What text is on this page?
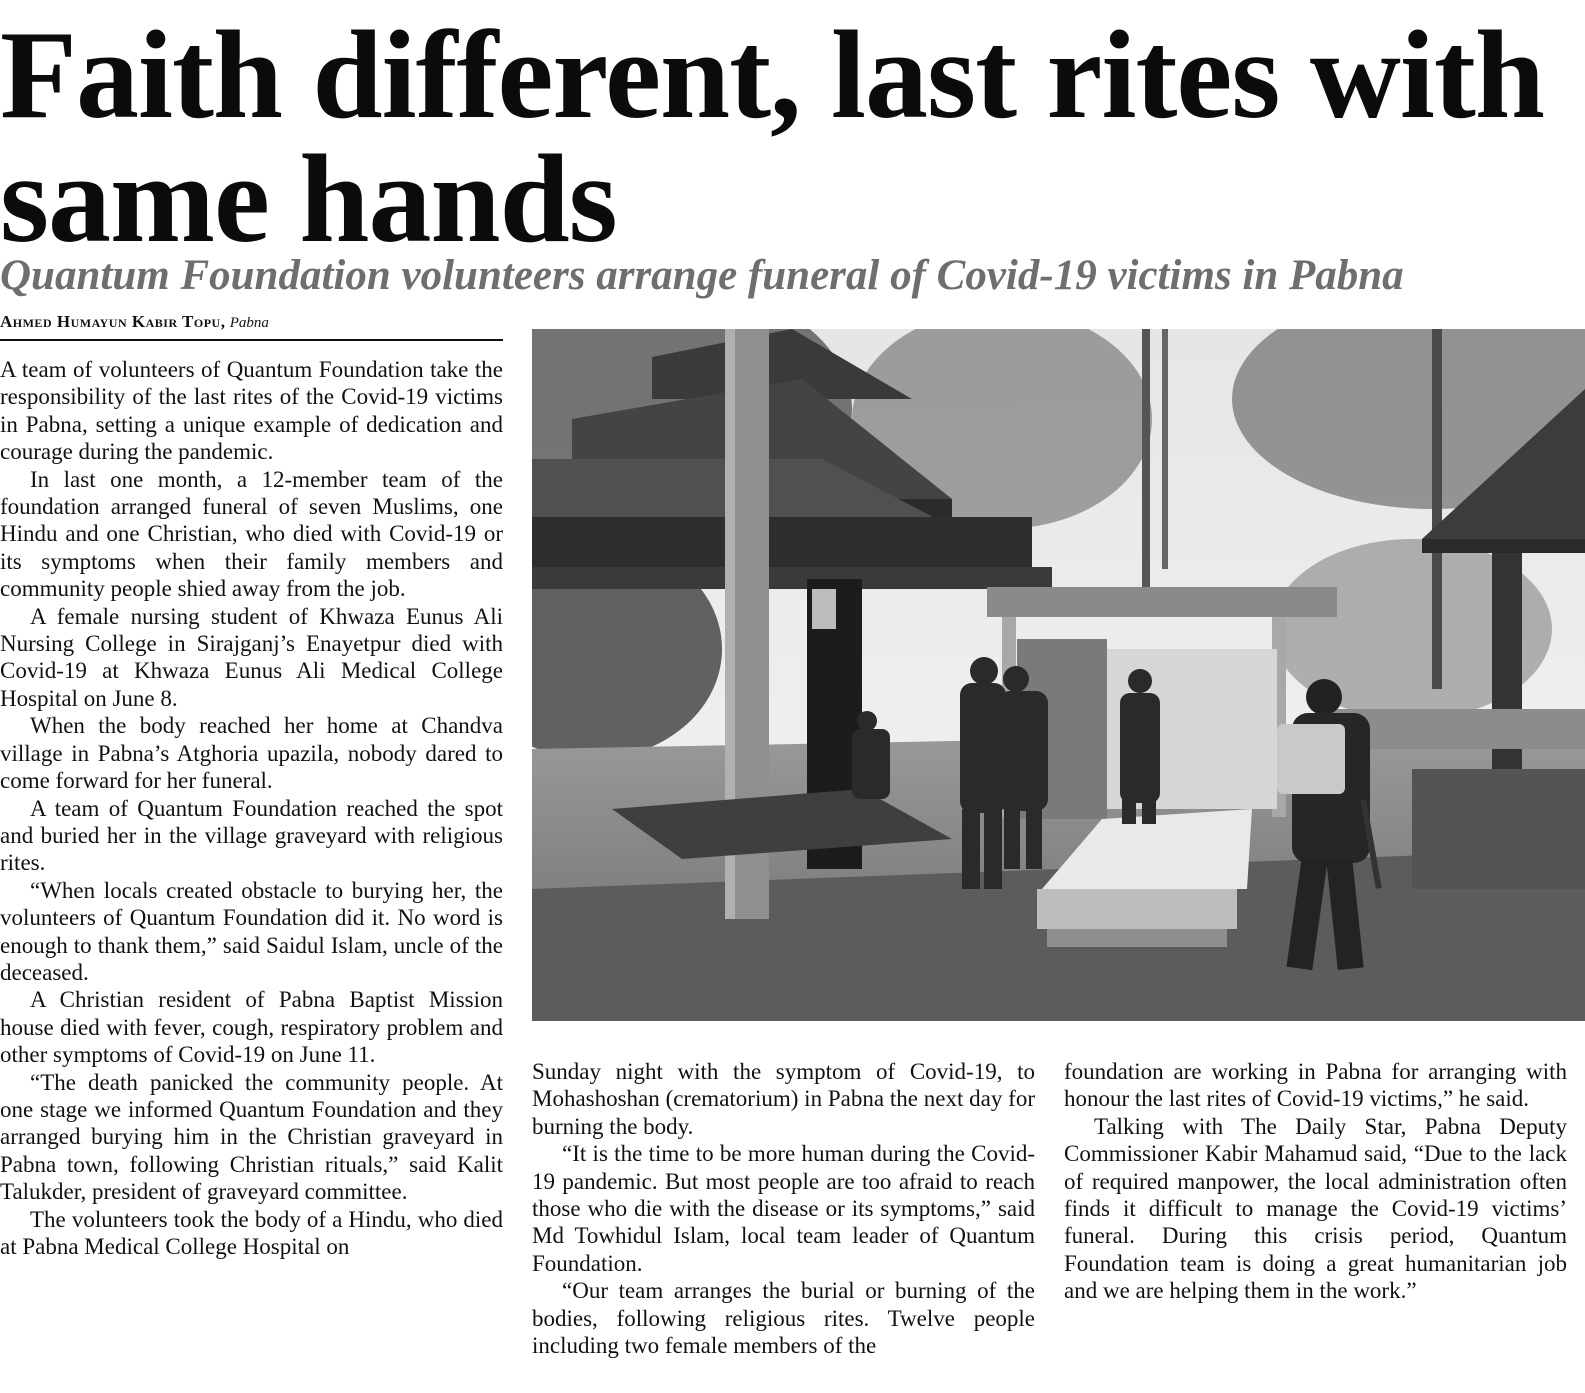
Faith different, last rites with
same hands
Quantum Foundation volunteers arrange funeral of Covid-19 victims in Pabna
Ahmed Humayun Kabir Topu, Pabna

A team of volunteers of Quantum Foundation take the responsibility of the last rites of the Covid-19 victims in Pabna, setting a unique example of dedication and courage during the pandemic.

In last one month, a 12-member team of the foundation arranged funeral of seven Muslims, one Hindu and one Christian, who died with Covid-19 or its symptoms when their family members and community people shied away from the job.

A female nursing student of Khwaza Eunus Ali Nursing College in Sirajganj’s Enayetpur died with Covid-19 at Khwaza Eunus Ali Medical College Hospital on June 8.

When the body reached her home at Chandva village in Pabna’s Atghoria upazila, nobody dared to come forward for her funeral.

A team of Quantum Foundation reached the spot and buried her in the village graveyard with religious rites.

“When locals created obstacle to burying her, the volunteers of Quantum Foundation did it. No word is enough to thank them,” said Saidul Islam, uncle of the deceased.

A Christian resident of Pabna Baptist Mission house died with fever, cough, respiratory problem and other symptoms of Covid-19 on June 11.

“The death panicked the community people. At one stage we informed Quantum Foundation and they arranged burying him in the Christian graveyard in Pabna town, following Christian rituals,” said Kalit Talukder, president of graveyard committee.

The volunteers took the body of a Hindu, who died at Pabna Medical College Hospital on

Sunday night with the symptom of Covid-19, to Mohashoshan (crematorium) in Pabna the next day for burning the body.

“It is the time to be more human during the Covid-19 pandemic. But most people are too afraid to reach those who die with the disease or its symptoms,” said Md Towhidul Islam, local team leader of Quantum Foundation.

“Our team arranges the burial or burning of the bodies, following religious rites. Twelve people including two female members of the

foundation are working in Pabna for arranging with honour the last rites of Covid-19 victims,” he said.

Talking with The Daily Star, Pabna Deputy Commissioner Kabir Mahamud said, “Due to the lack of required manpower, the local administration often finds it difficult to manage the Covid-19 victims’ funeral. During this crisis period, Quantum Foundation team is doing a great humanitarian job and we are helping them in the work.”
